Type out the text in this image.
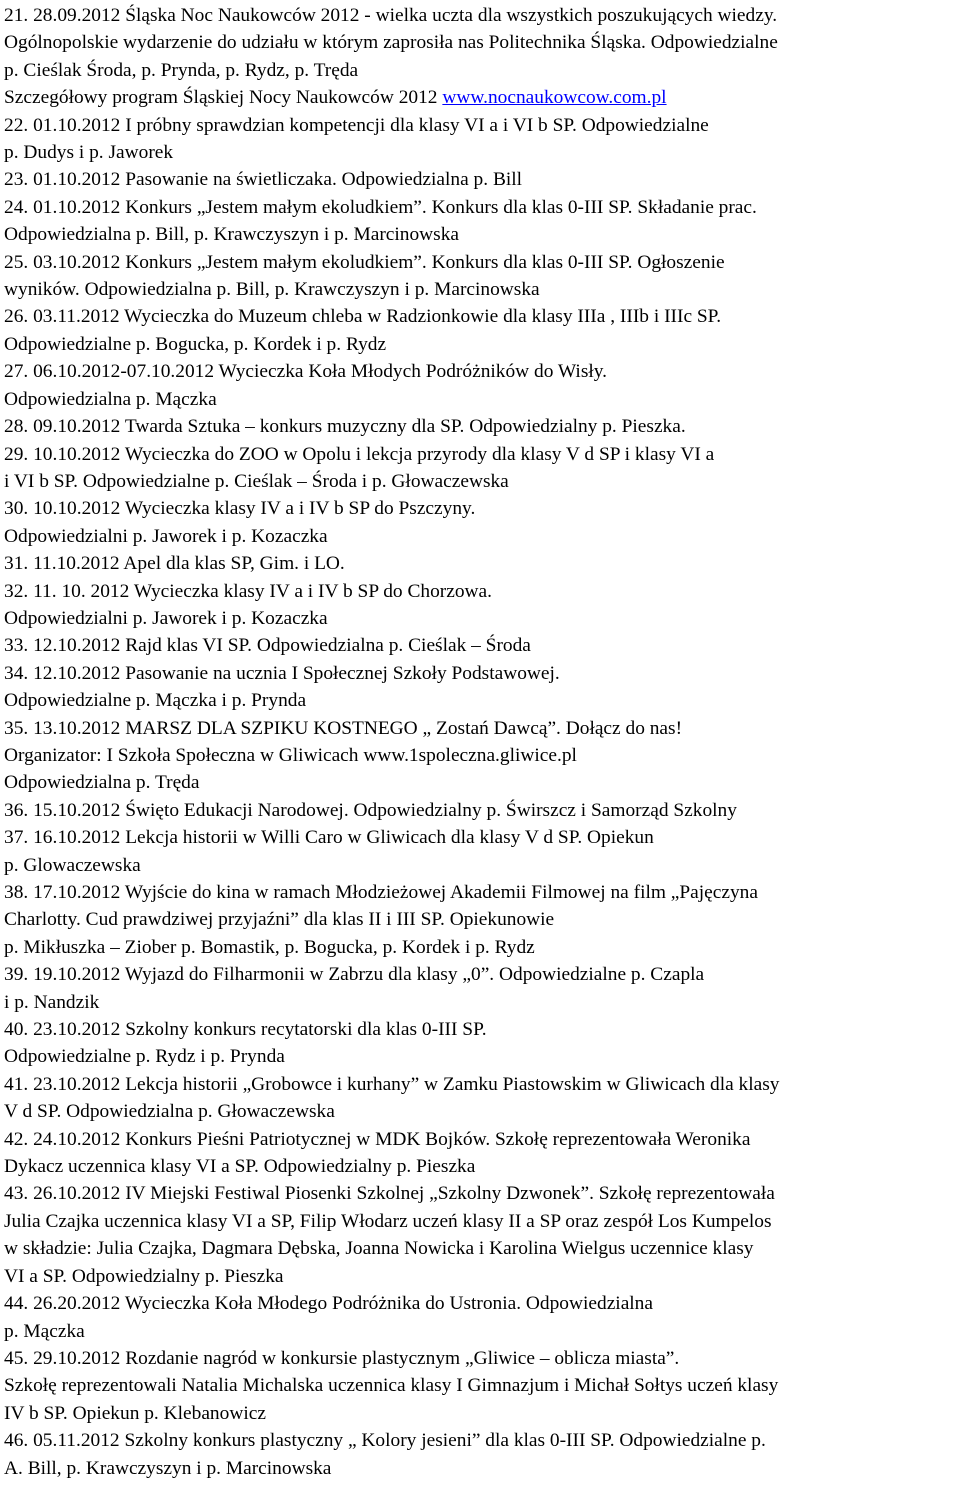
21. 28.09.2012 Śląska Noc Naukowców 2012 - wielka uczta dla wszystkich poszukujących wiedzy.
Ogólnopolskie wydarzenie do udziału w którym zaprosiła nas Politechnika Śląska. Odpowiedzialne
p. Cieślak Środa, p. Prynda, p. Rydz, p. Tręda
Szczegółowy program Śląskiej Nocy Naukowców 2012 www.nocnaukowcow.com.pl
22. 01.10.2012 I próbny sprawdzian kompetencji dla klasy VI a i VI b SP. Odpowiedzialne
p. Dudys i p. Jaworek
23. 01.10.2012 Pasowanie na świetliczaka. Odpowiedzialna p. Bill
24. 01.10.2012 Konkurs „Jestem małym ekoludkiem”. Konkurs dla klas 0-III SP. Składanie prac.
Odpowiedzialna p. Bill, p. Krawczyszyn i p. Marcinowska
25. 03.10.2012 Konkurs „Jestem małym ekoludkiem”. Konkurs dla klas 0-III SP. Ogłoszenie
wyników. Odpowiedzialna p. Bill, p. Krawczyszyn i p. Marcinowska
26. 03.11.2012 Wycieczka do Muzeum chleba w Radzionkowie dla klasy IIIa , IIIb i IIIc SP.
Odpowiedzialne p. Bogucka, p. Kordek i p. Rydz
27. 06.10.2012-07.10.2012 Wycieczka Koła Młodych Podróżników do Wisły.
Odpowiedzialna p. Mączka
28. 09.10.2012 Twarda Sztuka – konkurs muzyczny dla SP. Odpowiedzialny p. Pieszka.
29. 10.10.2012 Wycieczka do ZOO w Opolu i lekcja przyrody dla klasy V d SP i klasy VI a
i VI b SP. Odpowiedzialne p. Cieślak – Środa i p. Głowaczewska
30. 10.10.2012 Wycieczka klasy IV a i IV b SP do Pszczyny.
Odpowiedzialni p. Jaworek i p. Kozaczka
31. 11.10.2012 Apel dla klas SP, Gim. i LO.
32. 11. 10. 2012 Wycieczka klasy IV a i IV b SP do Chorzowa.
Odpowiedzialni p. Jaworek i p. Kozaczka
33. 12.10.2012 Rajd klas VI SP. Odpowiedzialna p. Cieślak – Środa
34. 12.10.2012 Pasowanie na ucznia I Społecznej Szkoły Podstawowej.
Odpowiedzialne p. Mączka i p. Prynda
35. 13.10.2012 MARSZ DLA SZPIKU KOSTNEGO „ Zostań Dawcą”. Dołącz do nas!
Organizator: I Szkoła Społeczna w Gliwicach www.1spoleczna.gliwice.pl
Odpowiedzialna p. Tręda
36. 15.10.2012 Święto Edukacji Narodowej. Odpowiedzialny p. Świrszcz i Samorząd Szkolny
37. 16.10.2012 Lekcja historii w Willi Caro w Gliwicach dla klasy V d SP. Opiekun
p. Glowaczewska
38. 17.10.2012 Wyjście do kina w ramach Młodzieżowej Akademii Filmowej na film „Pajęczyna
Charlotty. Cud prawdziwej przyjaźni” dla klas II i III SP. Opiekunowie
p. Mikłuszka – Ziober p. Bomastik, p. Bogucka, p. Kordek i p. Rydz
39. 19.10.2012 Wyjazd do Filharmonii w Zabrzu dla klasy „0”. Odpowiedzialne p. Czapla
i p. Nandzik
40. 23.10.2012 Szkolny konkurs recytatorski dla klas 0-III SP.
Odpowiedzialne p. Rydz i p. Prynda
41. 23.10.2012 Lekcja historii „Grobowce i kurhany” w Zamku Piastowskim w Gliwicach dla klasy
V d SP. Odpowiedzialna p. Głowaczewska
42. 24.10.2012 Konkurs Pieśni Patriotycznej w MDK Bojków. Szkołę reprezentowała Weronika
Dykacz uczennica klasy VI a SP. Odpowiedzialny p. Pieszka
43. 26.10.2012 IV Miejski Festiwal Piosenki Szkolnej „Szkolny Dzwonek”. Szkołę reprezentowała
Julia Czajka uczennica klasy VI a SP, Filip Włodarz uczeń klasy II a SP oraz zespół Los Kumpelos
w składzie: Julia Czajka, Dagmara Dębska, Joanna Nowicka i Karolina Wielgus uczennice klasy
VI a SP. Odpowiedzialny p. Pieszka
44. 26.20.2012 Wycieczka Koła Młodego Podróżnika do Ustronia. Odpowiedzialna
p. Mączka
45. 29.10.2012 Rozdanie nagród w konkursie plastycznym „Gliwice – oblicza miasta”.
Szkołę reprezentowali Natalia Michalska uczennica klasy I Gimnazjum i Michał Sołtys uczeń klasy
IV b SP. Opiekun p. Klebanowicz
46. 05.11.2012 Szkolny konkurs plastyczny „ Kolory jesieni” dla klas 0-III SP. Odpowiedzialne p.
A. Bill, p. Krawczyszyn i p. Marcinowska
